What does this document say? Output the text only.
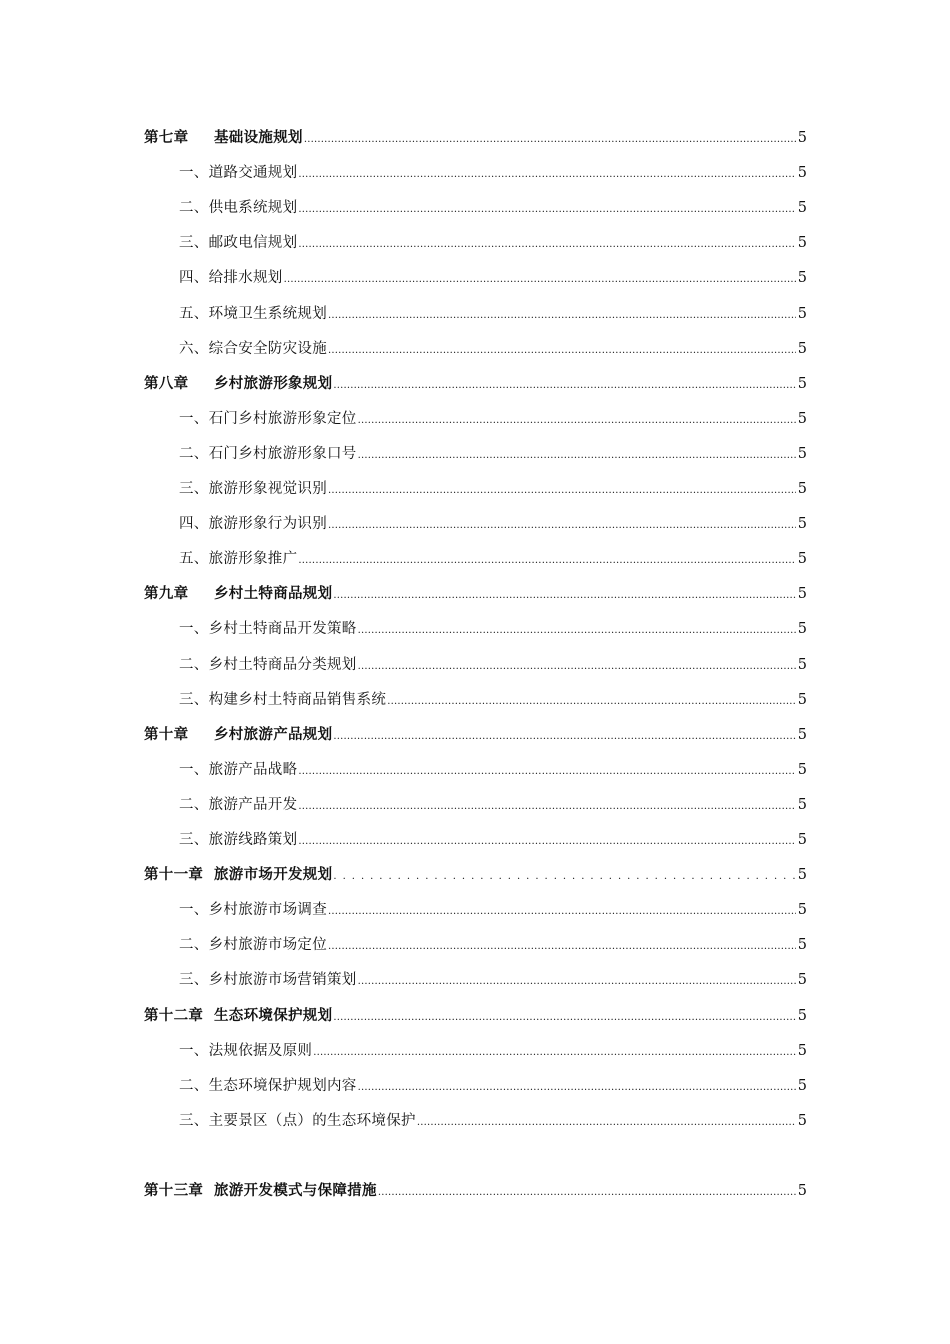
第七章 基础设施规划 .....	5
一、道路交通规划 .....	5
二、供电系统规划 .....	5
三、邮政电信规划 .....	5
四、给排水规划 .....	5
五、环境卫生系统规划 .....	5
六、综合安全防灾设施 .....	5
第八章 乡村旅游形象规划 .....	5
一、石门乡村旅游形象定位 .....	5
二、石门乡村旅游形象口号 .....	5
三、旅游形象视觉识别 .....	5
四、旅游形象行为识别 .....	5
五、旅游形象推广 .....	5
第九章 乡村土特商品规划 .....	5
一、乡村土特商品开发策略 .....	5
二、乡村土特商品分类规划 .....	5
三、构建乡村土特商品销售系统 .....	5
第十章 乡村旅游产品规划 .....	5
一、旅游产品战略 .....	5
二、旅游产品开发 .....	5
三、旅游线路策划 .....	5
第十一章 旅游市场开发规划 .....	5
一、乡村旅游市场调查 .....	5
二、乡村旅游市场定位 .....	5
三、乡村旅游市场营销策划 .....	5
第十二章 生态环境保护规划 .....	5
一、法规依据及原则 .....	5
二、生态环境保护规划内容 .....	5
三、主要景区（点）的生态环境保护 .....	5
第十三章 旅游开发模式与保障措施 .....	5
